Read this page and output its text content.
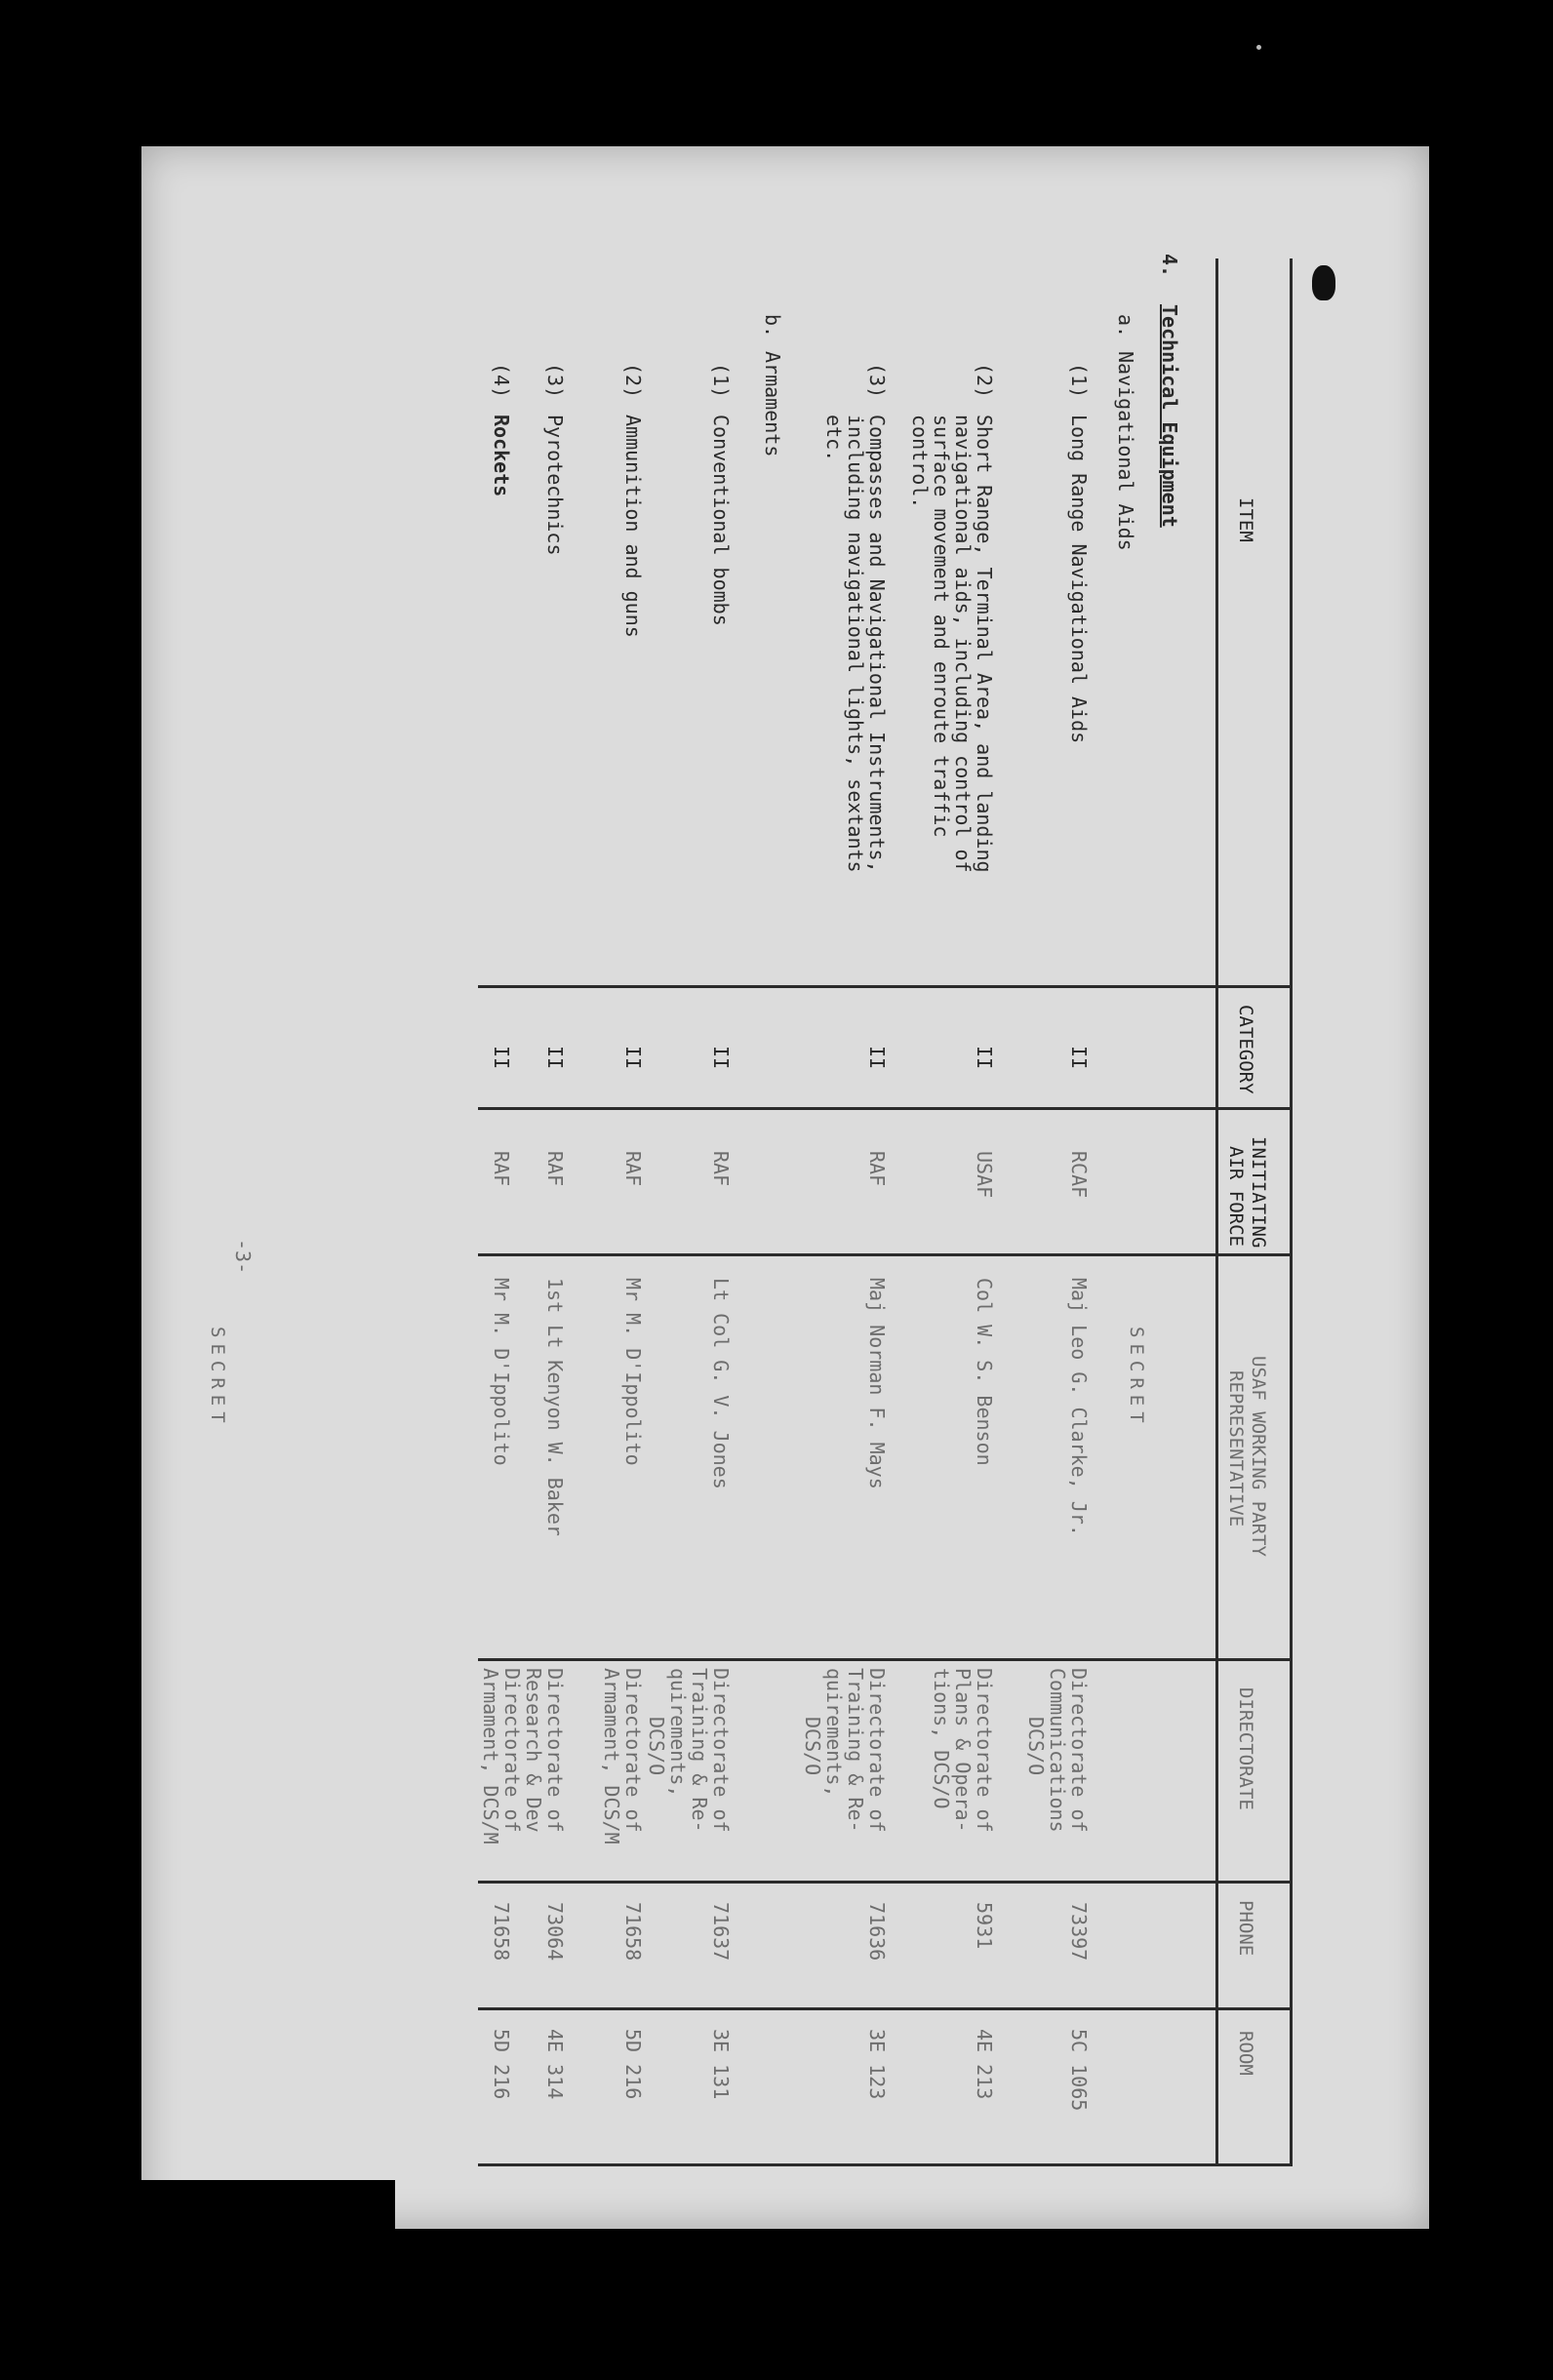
SECRET
SECRET
-3-
ITEM
CATEGORY
INITIATING
AIR FORCE
USAF WORKING PARTY
REPRESENTATIVE
DIRECTORATE
PHONE
ROOM
4.
Technical Equipment
a.
Navigational Aids
(1)
Long Range Navigational Aids
II
RCAF
Maj Leo G. Clarke, Jr.
Directorate of
Communications
DCS/O
73397
5C 1065
(2)
Short Range, Terminal Area, and landing
navigational aids, including control of
surface movement and enroute traffic
control.
II
USAF
Col W. S. Benson
Directorate of
Plans & Opera-
tions, DCS/O
5931
4E 213
(3)
Compasses and Navigational Instruments,
including navigational lights, sextants
etc.
II
RAF
Maj Norman F. Mays
Directorate of
Training & Re-
quirements,
DCS/O
71636
3E 123
b.
Armaments
(1)
Conventional bombs
II
RAF
Lt Col G. V. Jones
Directorate of
Training & Re-
quirements,
DCS/O
71637
3E 131
(2)
Ammunition and guns
II
RAF
Mr M. D'Ippolito
Directorate of
Armament, DCS/M
71658
5D 216
(3)
Pyrotechnics
II
RAF
1st Lt Kenyon W. Baker
Directorate of
Research & Dev
73064
4E 314
(4)
Rockets
II
RAF
Mr M. D'Ippolito
Directorate of
Armament, DCS/M
71658
5D 216
